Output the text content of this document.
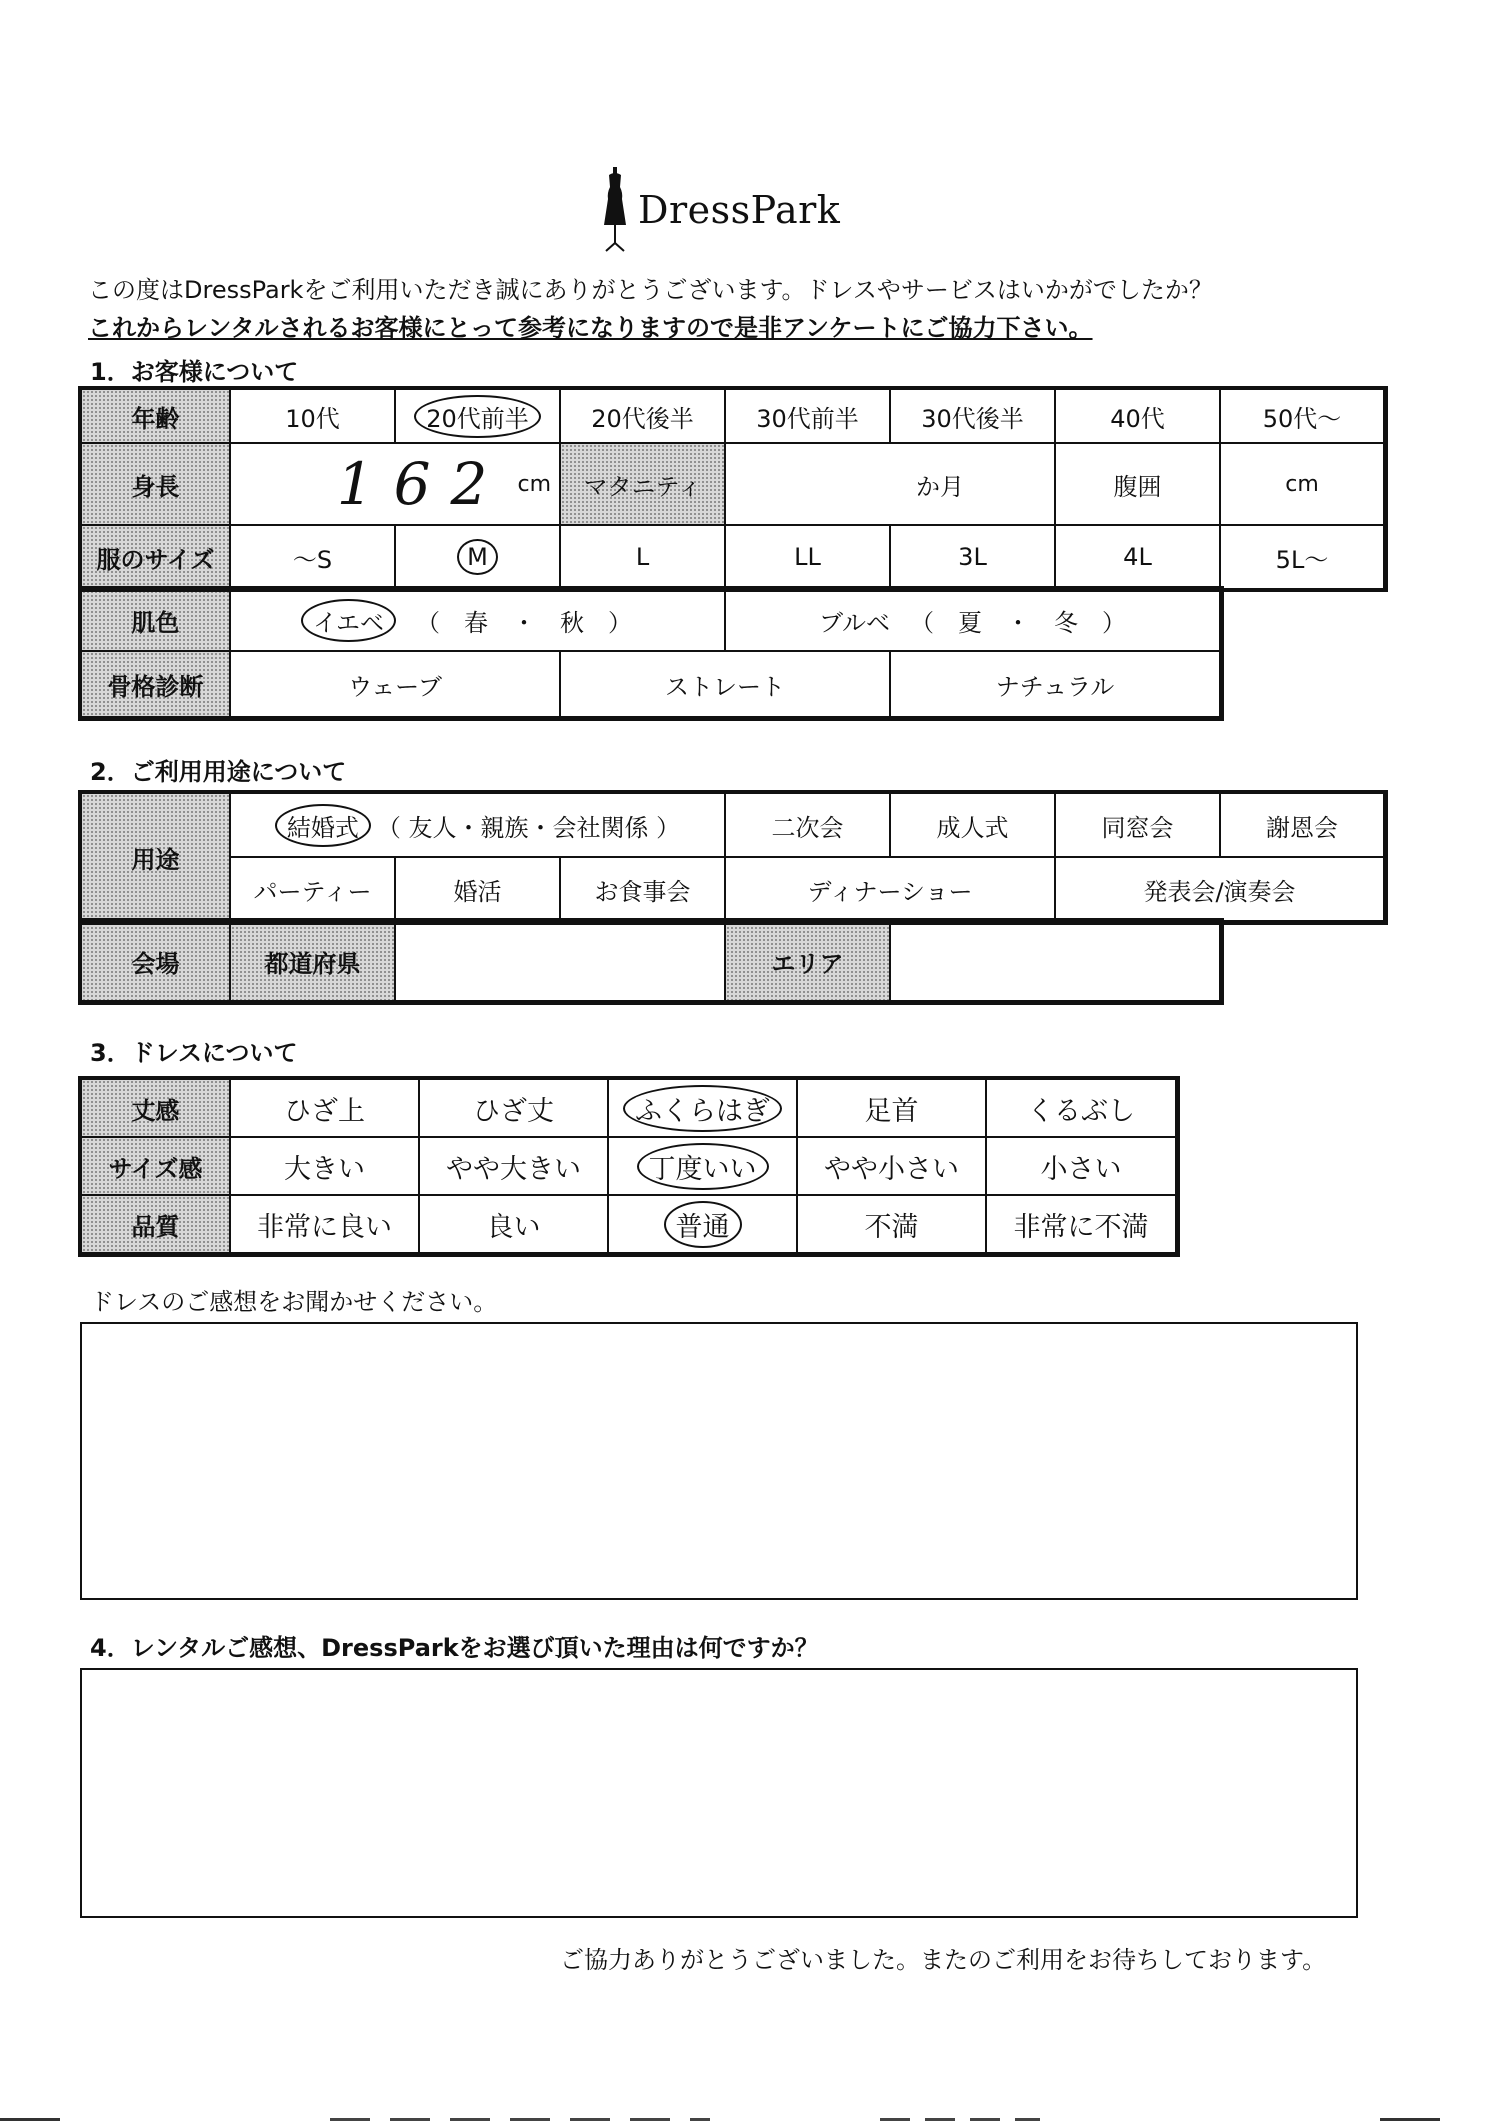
DressPark
この度はDressParkをご利用いただき誠にありがとうございます。ドレスやサービスはいかがでしたか？
これからレンタルされるお客様にとって参考になりますので是非アンケートにご協力下さい。
1．お客様について
年齢	10代	20代前半	20代後半	30代前半	30代後半	40代	50代～
身長	162 cm	マタニティ	か月	腹囲	cm
服のサイズ	～S	M	L	LL	3L	4L	5L～
肌色	イエベ	（　春　・　秋　）	ブルベ （　夏　・　冬　）
骨格診断	ウェーブ	ストレート	ナチュラル
2．ご利用用途について
用途
結婚式 （ 友人・親族・会社関係 ）	二次会	成人式	同窓会	謝恩会
パーティー	婚活	お食事会	ディナーショー	発表会/演奏会
会場	都道府県	エリア
3．ドレスについて
丈感	ひざ上	ひざ丈	ふくらはぎ	足首	くるぶし
サイズ感	大きい	やや大きい	丁度いい	やや小さい	小さい
品質	非常に良い	良い	普通	不満	非常に不満
ドレスのご感想をお聞かせください。
4．レンタルご感想、DressParkをお選び頂いた理由は何ですか？
ご協力ありがとうございました。またのご利用をお待ちしております。
